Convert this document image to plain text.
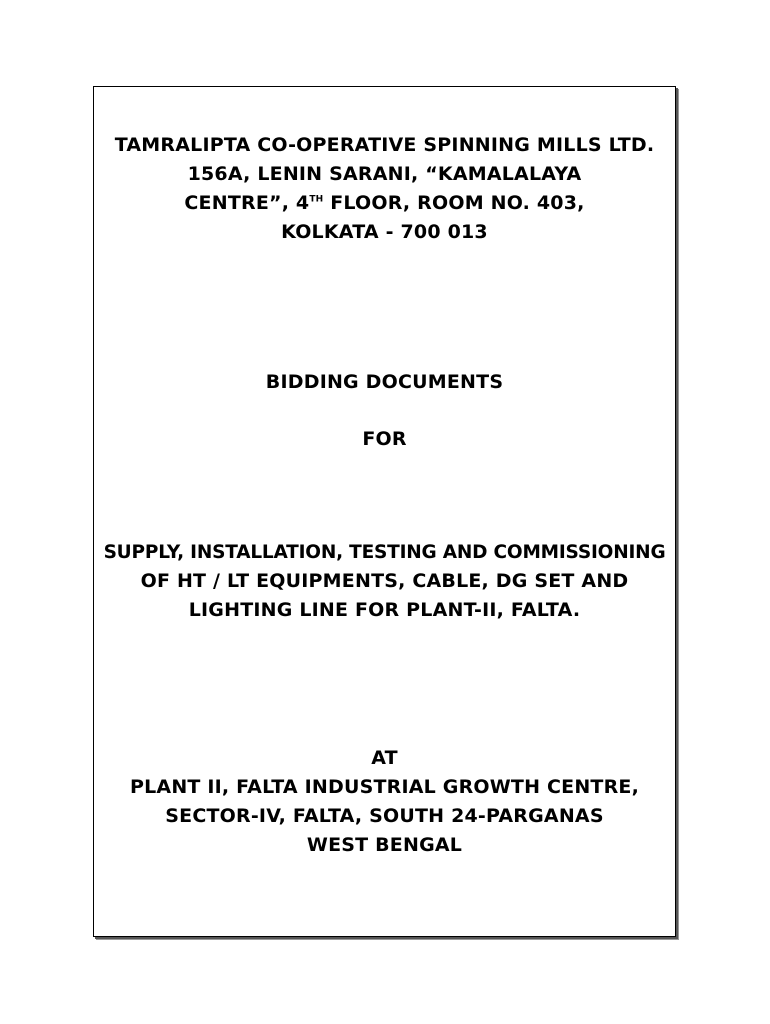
TAMRALIPTA CO-OPERATIVE SPINNING MILLS LTD.
156A, LENIN SARANI, “KAMALALAYA
CENTRE”, 4TH FLOOR, ROOM NO. 403,
KOLKATA - 700 013
BIDDING DOCUMENTS
FOR
SUPPLY, INSTALLATION, TESTING AND COMMISSIONING
OF HT / LT EQUIPMENTS, CABLE, DG SET AND
LIGHTING LINE FOR PLANT-II, FALTA.
AT
PLANT II, FALTA INDUSTRIAL GROWTH CENTRE,
SECTOR-IV, FALTA, SOUTH 24-PARGANAS
WEST BENGAL
